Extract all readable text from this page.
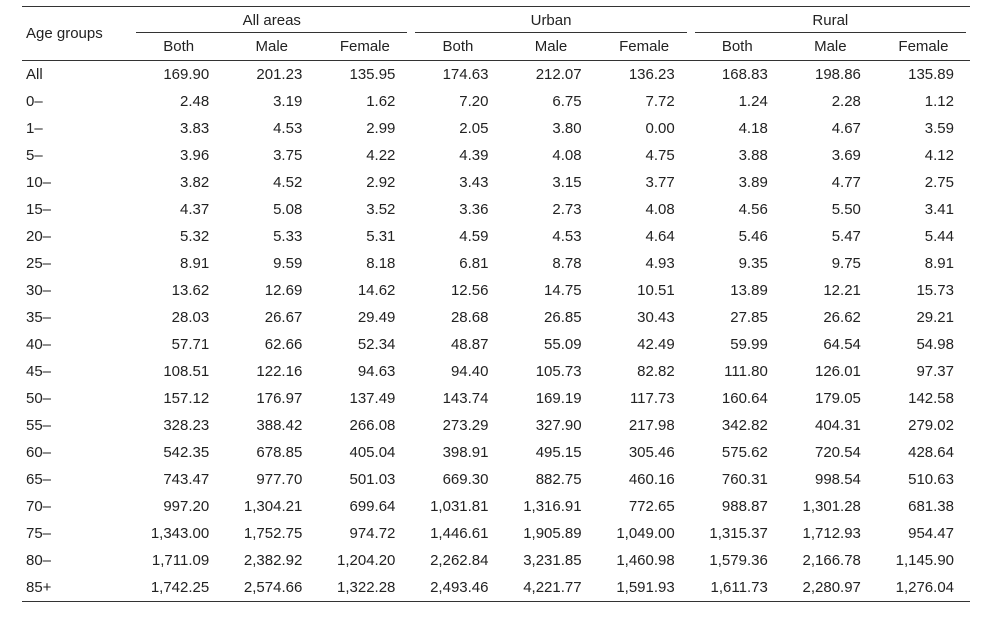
Age groups	All areas			Urban			Rural		

	Both	Male	Female	Both	Male	Female	Both	Male	Female
All	169.90	201.23	135.95	174.63	212.07	136.23	168.83	198.86	135.89
0–	2.48	3.19	1.62	7.20	6.75	7.72	1.24	2.28	1.12
1–	3.83	4.53	2.99	2.05	3.80	0.00	4.18	4.67	3.59
5–	3.96	3.75	4.22	4.39	4.08	4.75	3.88	3.69	4.12
10–	3.82	4.52	2.92	3.43	3.15	3.77	3.89	4.77	2.75
15–	4.37	5.08	3.52	3.36	2.73	4.08	4.56	5.50	3.41
20–	5.32	5.33	5.31	4.59	4.53	4.64	5.46	5.47	5.44
25–	8.91	9.59	8.18	6.81	8.78	4.93	9.35	9.75	8.91
30–	13.62	12.69	14.62	12.56	14.75	10.51	13.89	12.21	15.73
35–	28.03	26.67	29.49	28.68	26.85	30.43	27.85	26.62	29.21
40–	57.71	62.66	52.34	48.87	55.09	42.49	59.99	64.54	54.98
45–	108.51	122.16	94.63	94.40	105.73	82.82	111.80	126.01	97.37
50–	157.12	176.97	137.49	143.74	169.19	117.73	160.64	179.05	142.58
55–	328.23	388.42	266.08	273.29	327.90	217.98	342.82	404.31	279.02
60–	542.35	678.85	405.04	398.91	495.15	305.46	575.62	720.54	428.64
65–	743.47	977.70	501.03	669.30	882.75	460.16	760.31	998.54	510.63
70–	997.20	1,304.21	699.64	1,031.81	1,316.91	772.65	988.87	1,301.28	681.38
75–	1,343.00	1,752.75	974.72	1,446.61	1,905.89	1,049.00	1,315.37	1,712.93	954.47
80–	1,711.09	2,382.92	1,204.20	2,262.84	3,231.85	1,460.98	1,579.36	2,166.78	1,145.90
85+	1,742.25	2,574.66	1,322.28	2,493.46	4,221.77	1,591.93	1,611.73	2,280.97	1,276.04
